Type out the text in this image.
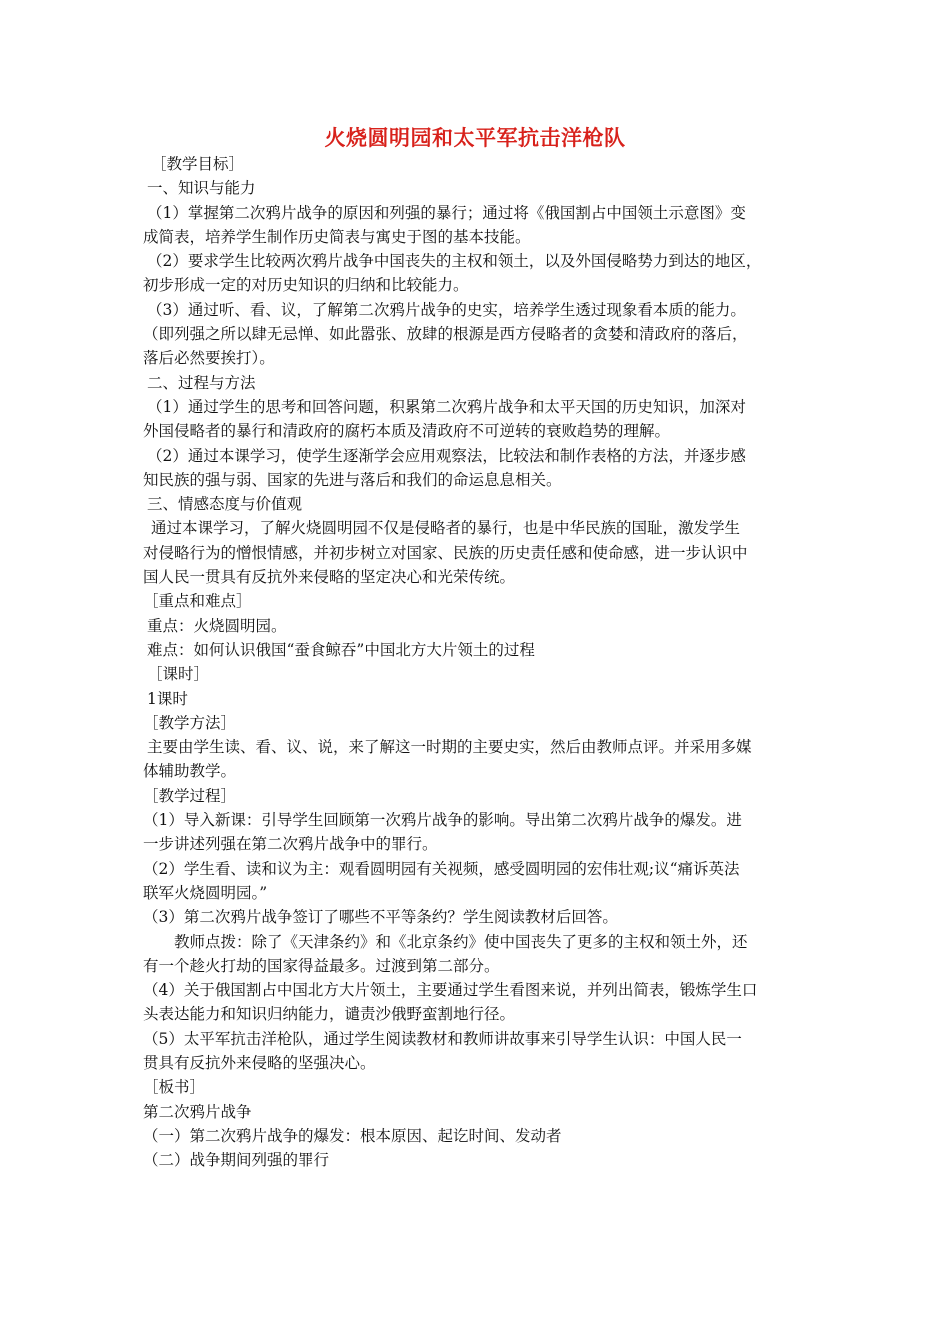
火烧圆明园和太平军抗击洋枪队

［教学目标］

一、知识与能力

（1）掌握第二次鸦片战争的原因和列强的暴行；通过将《俄国割占中国领土示意图》变

成简表，培养学生制作历史简表与寓史于图的基本技能。

（2）要求学生比较两次鸦片战争中国丧失的主权和领土，以及外国侵略势力到达的地区，

初步形成一定的对历史知识的归纳和比较能力。

（3）通过听、看、议，了解第二次鸦片战争的史实，培养学生透过现象看本质的能力。

（即列强之所以肆无忌惮、如此嚣张、放肆的根源是西方侵略者的贪婪和清政府的落后，

落后必然要挨打）。

二、过程与方法

（1）通过学生的思考和回答问题，积累第二次鸦片战争和太平天国的历史知识，加深对

外国侵略者的暴行和清政府的腐朽本质及清政府不可逆转的衰败趋势的理解。

（2）通过本课学习，使学生逐渐学会应用观察法，比较法和制作表格的方法，并逐步感

知民族的强与弱、国家的先进与落后和我们的命运息息相关。

三、情感态度与价值观

通过本课学习，了解火烧圆明园不仅是侵略者的暴行，也是中华民族的国耻，激发学生

对侵略行为的憎恨情感，并初步树立对国家、民族的历史责任感和使命感，进一步认识中

国人民一贯具有反抗外来侵略的坚定决心和光荣传统。

［重点和难点］

重点：火烧圆明园。

难点：如何认识俄国“蚕食鲸吞”中国北方大片领土的过程

［课时］

1课时

［教学方法］

主要由学生读、看、议、说，来了解这一时期的主要史实，然后由教师点评。并采用多媒

体辅助教学。

［教学过程］

（1）导入新课：引导学生回顾第一次鸦片战争的影响。导出第二次鸦片战争的爆发。进

一步讲述列强在第二次鸦片战争中的罪行。

（2）学生看、读和议为主：观看圆明园有关视频，感受圆明园的宏伟壮观;议“痛诉英法

联军火烧圆明园。”

（3）第二次鸦片战争签订了哪些不平等条约？学生阅读教材后回答。

教师点拨：除了《天津条约》和《北京条约》使中国丧失了更多的主权和领土外，还

有一个趁火打劫的国家得益最多。过渡到第二部分。

（4）关于俄国割占中国北方大片领土，主要通过学生看图来说，并列出简表，锻炼学生口

头表达能力和知识归纳能力，谴责沙俄野蛮割地行径。

（5）太平军抗击洋枪队，通过学生阅读教材和教师讲故事来引导学生认识：中国人民一

贯具有反抗外来侵略的坚强决心。

［板书］

第二次鸦片战争

（一）第二次鸦片战争的爆发：根本原因、起讫时间、发动者

（二）战争期间列强的罪行
